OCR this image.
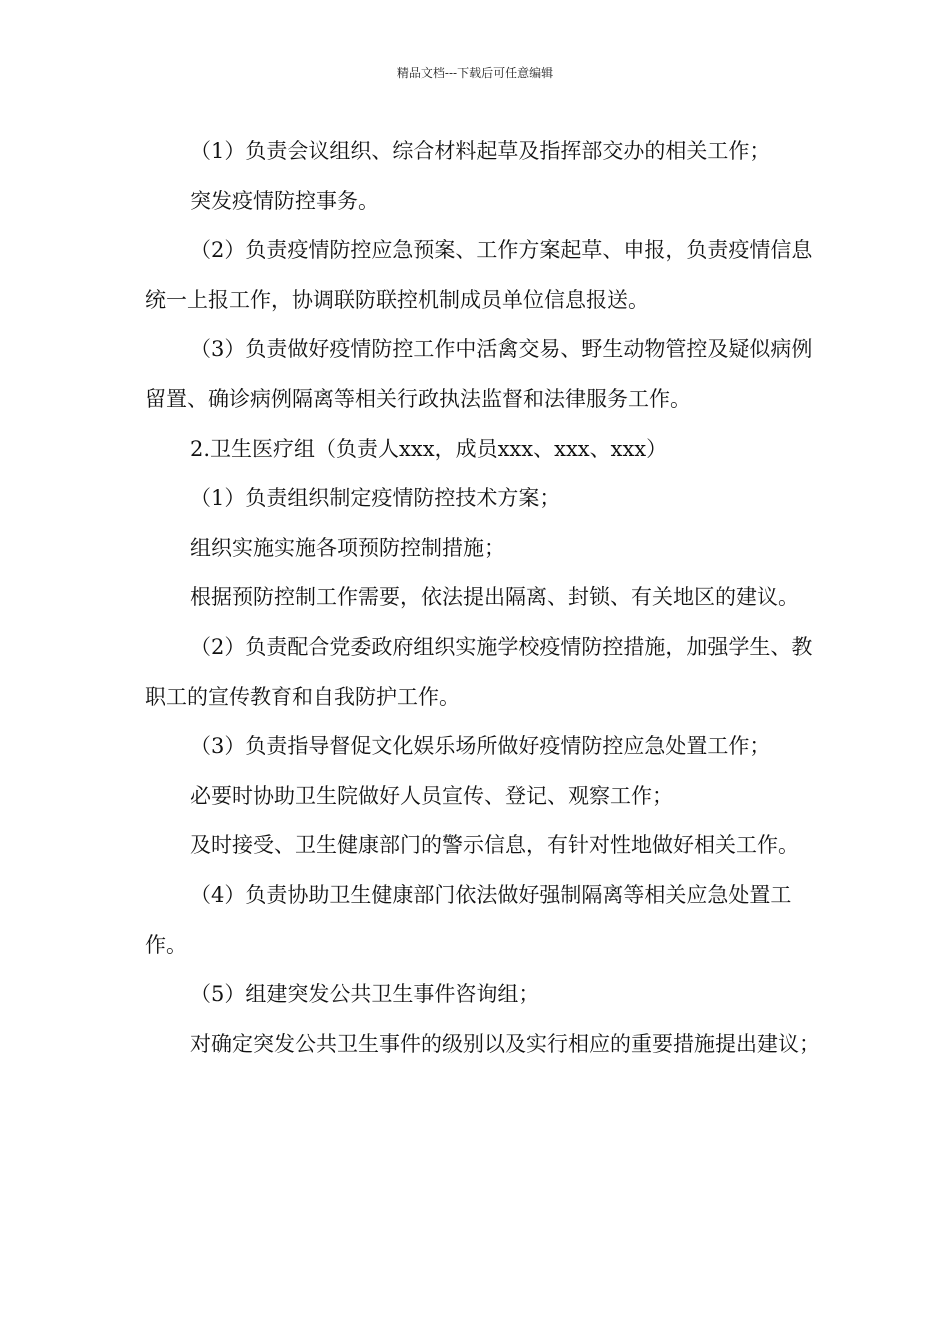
精品文档---下载后可任意编辑

（1）负责会议组织、综合材料起草及指挥部交办的相关工作；

突发疫情防控事务。

（2）负责疫情防控应急预案、工作方案起草、申报，负责疫情信息统一上报工作，协调联防联控机制成员单位信息报送。

（3）负责做好疫情防控工作中活禽交易、野生动物管控及疑似病例留置、确诊病例隔离等相关行政执法监督和法律服务工作。

2.卫生医疗组（负责人xxx，成员xxx、xxx、xxx）

（1）负责组织制定疫情防控技术方案；

组织实施实施各项预防控制措施；

根据预防控制工作需要，依法提出隔离、封锁、有关地区的建议。

（2）负责配合党委政府组织实施学校疫情防控措施，加强学生、教职工的宣传教育和自我防护工作。

（3）负责指导督促文化娱乐场所做好疫情防控应急处置工作；

必要时协助卫生院做好人员宣传、登记、观察工作；

及时接受、卫生健康部门的警示信息，有针对性地做好相关工作。

（4）负责协助卫生健康部门依法做好强制隔离等相关应急处置工作。

（5）组建突发公共卫生事件咨询组；

对确定突发公共卫生事件的级别以及实行相应的重要措施提出建议；
